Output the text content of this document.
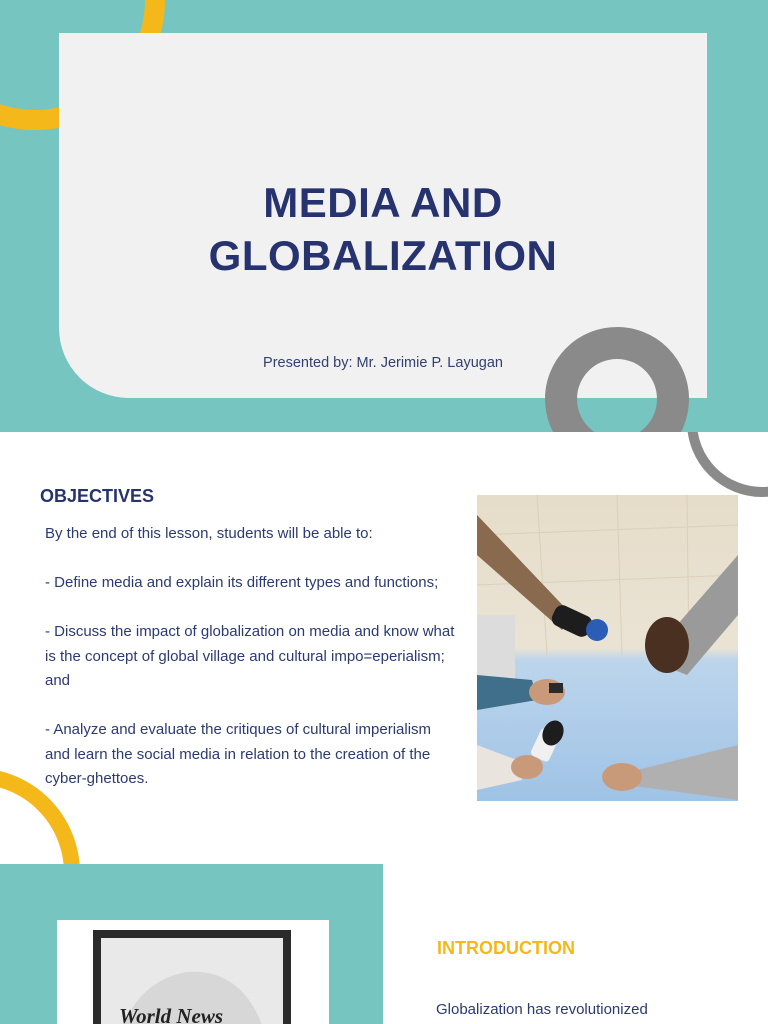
MEDIA AND
GLOBALIZATION

Presented by: Mr. Jerimie P. Layugan

OBJECTIVES

By the end of this lesson, students will be able to:

- Define media and explain its different types and functions;

- Discuss the impact of globalization on media and know what is the concept of global village and cultural impo=eperialism; and

- Analyze and evaluate the critiques of cultural imperialism and learn the social media in relation to the creation of the cyber-ghettoes.

World News
INTRODUCTION

Globalization has revolutionized
